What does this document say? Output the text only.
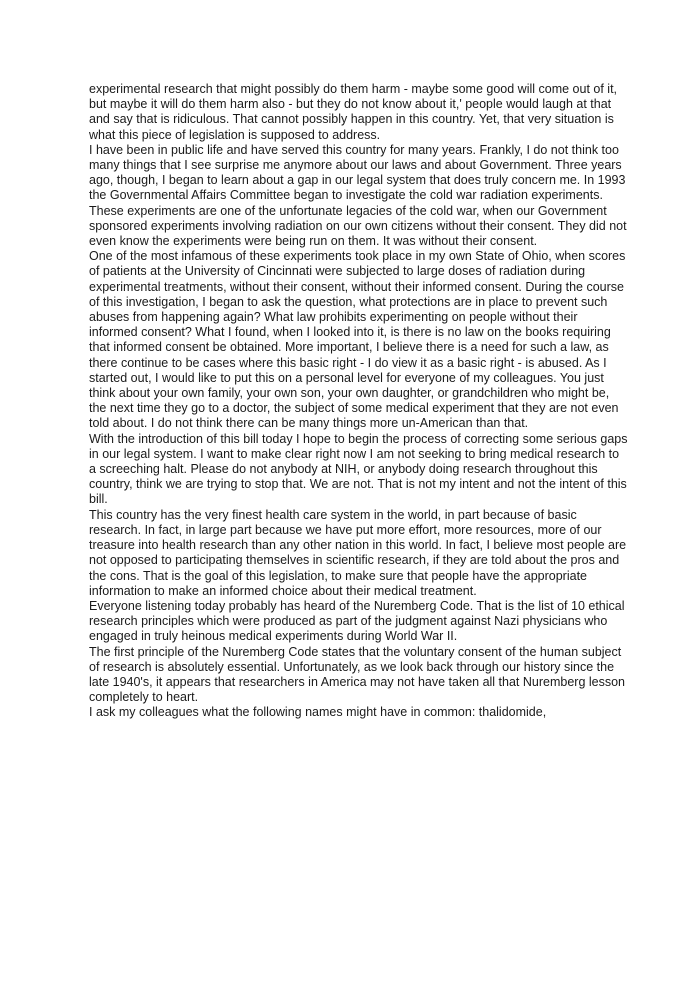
experimental research that might possibly do them harm - maybe some good will come out of it, but maybe it will do them harm also - but they do not know about it,' people would laugh at that and say that is ridiculous. That cannot possibly happen in this country. Yet, that very situation is what this piece of legislation is supposed to address.

I have been in public life and have served this country for many years. Frankly, I do not think too many things that I see surprise me anymore about our laws and about Government. Three years ago, though, I began to learn about a gap in our legal system that does truly concern me. In 1993 the Governmental Affairs Committee began to investigate the cold war radiation experiments. These experiments are one of the unfortunate legacies of the cold war, when our Government sponsored experiments involving radiation on our own citizens without their consent. They did not even know the experiments were being run on them. It was without their consent.

One of the most infamous of these experiments took place in my own State of Ohio, when scores of patients at the University of Cincinnati were subjected to large doses of radiation during experimental treatments, without their consent, without their informed consent. During the course of this investigation, I began to ask the question, what protections are in place to prevent such abuses from happening again? What law prohibits experimenting on people without their informed consent? What I found, when I looked into it, is there is no law on the books requiring that informed consent be obtained. More important, I believe there is a need for such a law, as there continue to be cases where this basic right - I do view it as a basic right - is abused. As I started out, I would like to put this on a personal level for everyone of my colleagues. You just think about your own family, your own son, your own daughter, or grandchildren who might be, the next time they go to a doctor, the subject of some medical experiment that they are not even told about. I do not think there can be many things more un-American than that.

With the introduction of this bill today I hope to begin the process of correcting some serious gaps in our legal system. I want to make clear right now I am not seeking to bring medical research to a screeching halt. Please do not anybody at NIH, or anybody doing research throughout this country, think we are trying to stop that. We are not. That is not my intent and not the intent of this bill.

This country has the very finest health care system in the world, in part because of basic research. In fact, in large part because we have put more effort, more resources, more of our treasure into health research than any other nation in this world. In fact, I believe most people are not opposed to participating themselves in scientific research, if they are told about the pros and the cons. That is the goal of this legislation, to make sure that people have the appropriate information to make an informed choice about their medical treatment.

Everyone listening today probably has heard of the Nuremberg Code. That is the list of 10 ethical research principles which were produced as part of the judgment against Nazi physicians who engaged in truly heinous medical experiments during World War II.

The first principle of the Nuremberg Code states that the voluntary consent of the human subject of research is absolutely essential. Unfortunately, as we look back through our history since the late 1940's, it appears that researchers in America may not have taken all that Nuremberg lesson completely to heart.

I ask my colleagues what the following names might have in common: thalidomide,
